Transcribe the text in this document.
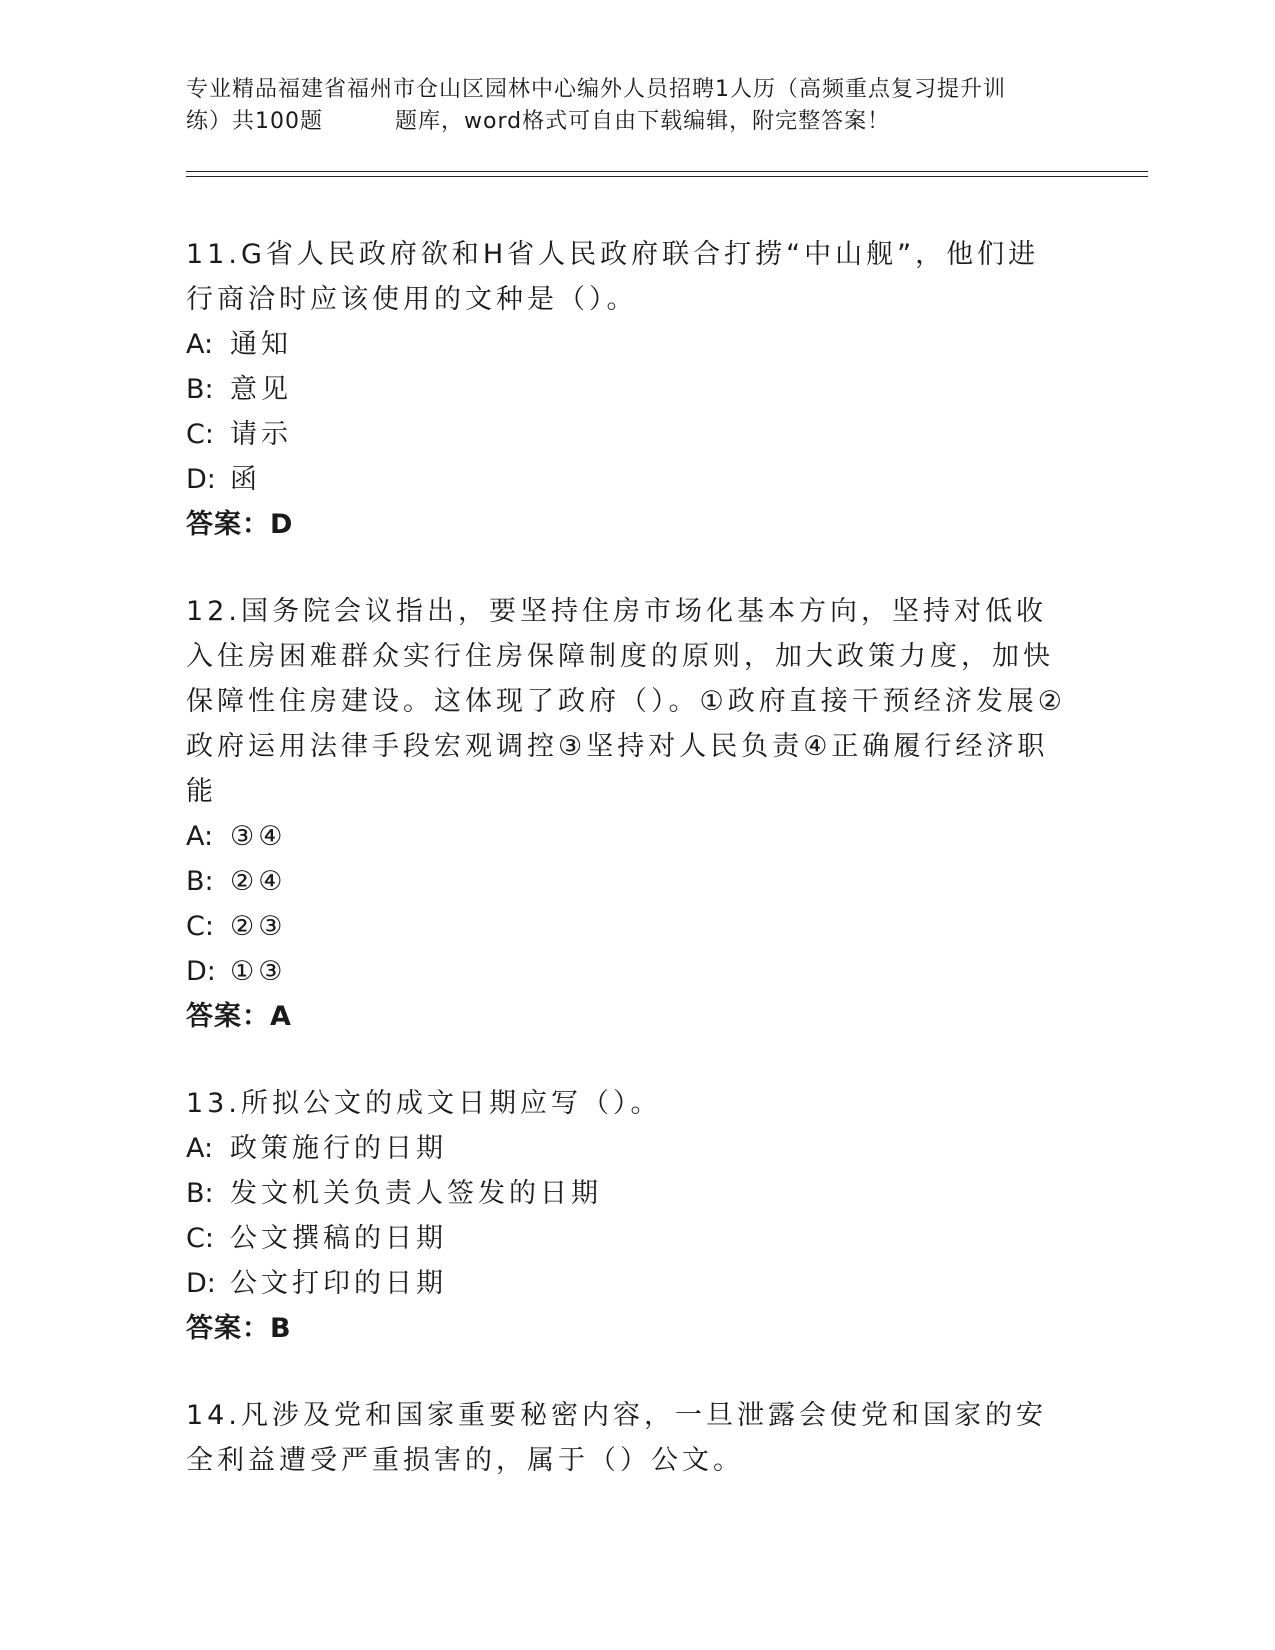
专业精品福建省福州市仓山区园林中心编外人员招聘1人历（高频重点复习提升训
练）共100题	题库，word格式可自由下载编辑，附完整答案！
11.G省人民政府欲和H省人民政府联合打捞“中山舰”，他们进行商洽时应该使用的文种是（）。
A: 通知
B: 意见
C: 请示
D: 函
答案：D
12.国务院会议指出，要坚持住房市场化基本方向，坚持对低收入住房困难群众实行住房保障制度的原则，加大政策力度，加快保障性住房建设。这体现了政府（）。①政府直接干预经济发展②政府运用法律手段宏观调控③坚持对人民负责④正确履行经济职能
A: ③④
B: ②④
C: ②③
D: ①③
答案：A
13.所拟公文的成文日期应写（）。
A: 政策施行的日期
B: 发文机关负责人签发的日期
C: 公文撰稿的日期
D: 公文打印的日期
答案：B
14.凡涉及党和国家重要秘密内容，一旦泄露会使党和国家的安全利益遭受严重损害的，属于（）公文。
